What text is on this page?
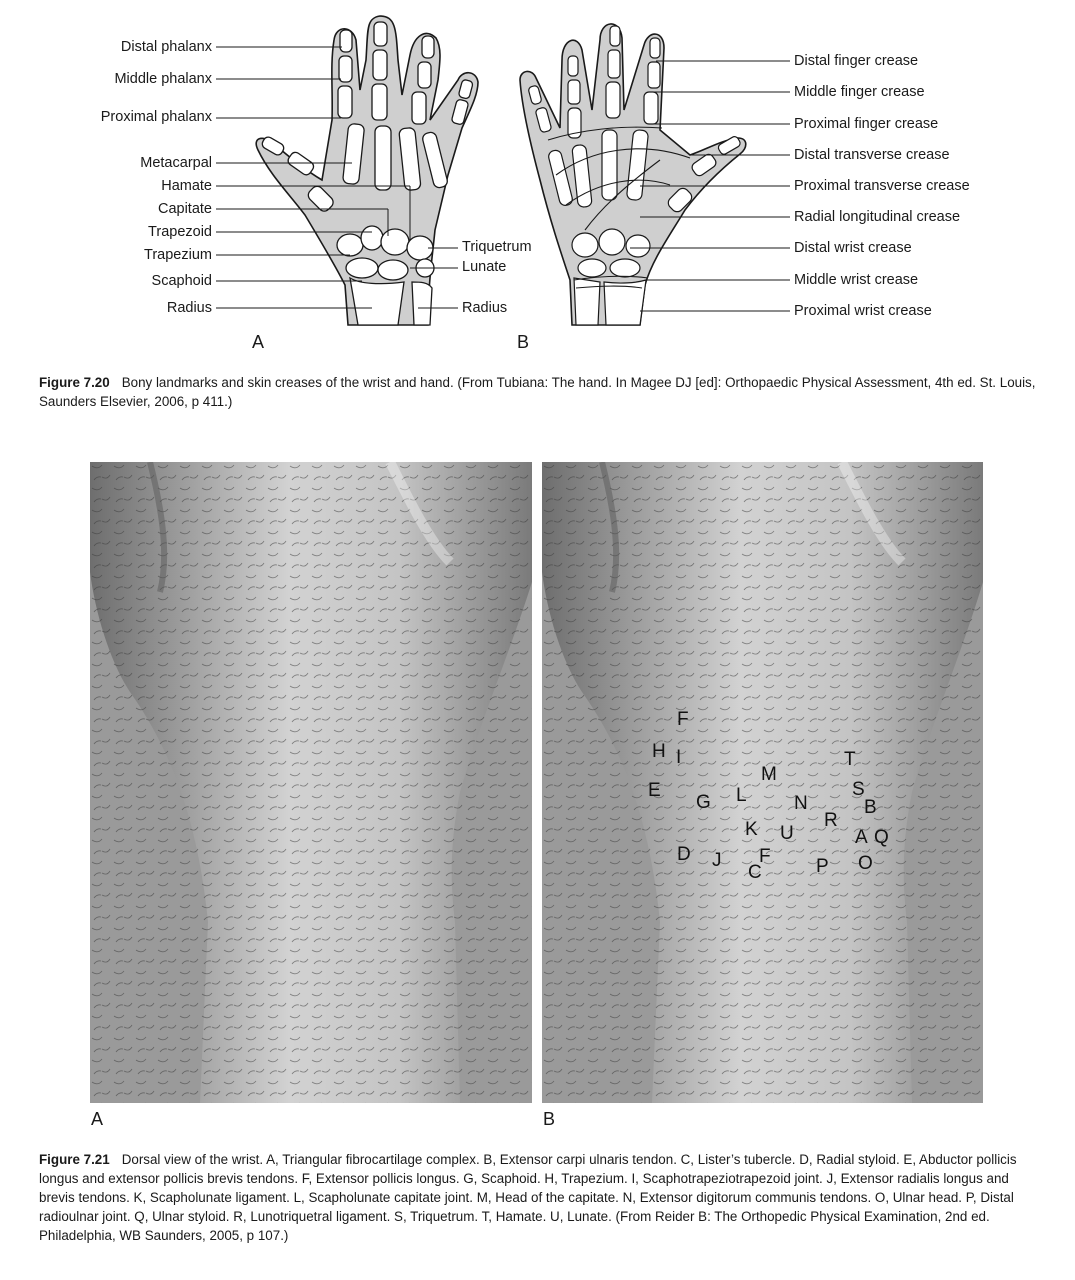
Distal phalanx
Middle phalanx
Proximal phalanx
Metacarpal
Hamate
Capitate
Trapezoid
Trapezium
Scaphoid
Radius
Triquetrum
Lunate
Radius
Distal finger crease
Middle finger crease
Proximal finger crease
Distal transverse crease
Proximal transverse crease
Radial longitudinal crease
Distal wrist crease
Middle wrist crease
Proximal wrist crease
A	B
Figure 7.20 Bony landmarks and skin creases of the wrist and hand. (From Tubiana: The hand. In Magee DJ [ed]: Orthopaedic Physical Assessment, 4th ed. St. Louis, Saunders Elsevier, 2006, p 411.)
F
H I	T
M
E
G L	S
N	B
R
K U	A Q
D J F
C	P O
A	B
Figure 7.21 Dorsal view of the wrist. A, Triangular fibrocartilage complex. B, Extensor carpi ulnaris tendon. C, Lister’s tubercle. D, Radial styloid. E, Abductor pollicis longus and extensor pollicis brevis tendons. F, Extensor pollicis longus. G, Scaphoid. H, Trapezium. I, Scaphotrapeziotrapezoid joint. J, Extensor radialis longus and brevis tendons. K, Scapholunate ligament. L, Scapholunate capitate joint. M, Head of the capitate. N, Extensor digitorum communis tendons. O, Ulnar head. P, Distal radioulnar joint. Q, Ulnar styloid. R, Lunotriquetral ligament. S, Triquetrum. T, Hamate. U, Lunate. (From Reider B: The Orthopedic Physical Examination, 2nd ed. Philadelphia, WB Saunders, 2005, p 107.)
